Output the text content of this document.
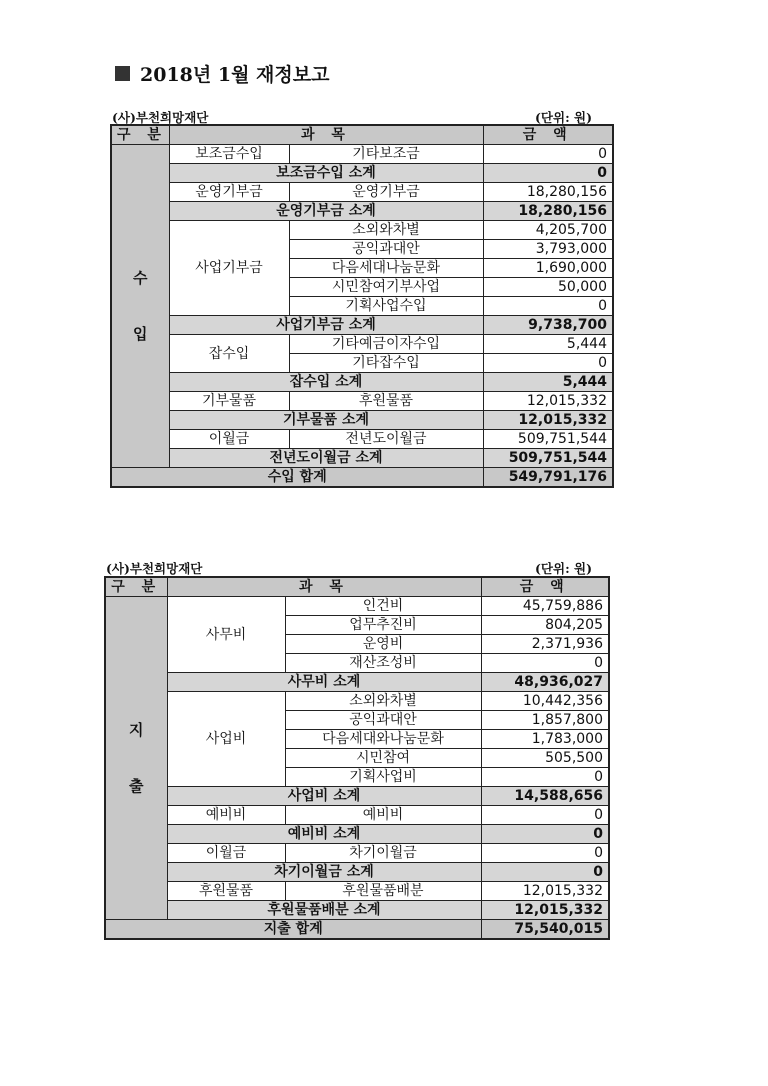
2018년 1월 재정보고
(사)부천희망재단	(단위: 원)
구 분	과 목		금 액

수
입	보조금수입	기타보조금	0
	보조금수입 소계		0
	운영기부금	운영기부금	18,280,156
	운영기부금 소계		18,280,156
	사업기부금	소외와차별	4,205,700
		공익과대안	3,793,000
		다음세대나눔문화	1,690,000
		시민참여기부사업	50,000
		기획사업수입	0
	사업기부금 소계		9,738,700
	잡수입	기타예금이자수입	5,444
		기타잡수입	0
	잡수입 소계		5,444
	기부물품	후원물품	12,015,332
	기부물품 소계		12,015,332
	이월금	전년도이월금	509,751,544
	전년도이월금 소계		509,751,544
수입 합계			549,791,176
(사)부천희망재단	(단위: 원)
구 분	과 목		금 액

지
출	사무비	인건비	45,759,886
		업무추진비	804,205
		운영비	2,371,936
		재산조성비	0
	사무비 소계		48,936,027
	사업비	소외와차별	10,442,356
		공익과대안	1,857,800
		다음세대와나눔문화	1,783,000
		시민참여	505,500
		기획사업비	0
	사업비 소계		14,588,656
	예비비	예비비	0
	예비비 소계		0
	이월금	차기이월금	0
	차기이월금 소계		0
	후원물품	후원물품배분	12,015,332
	후원물품배분 소계		12,015,332
지출 합계			75,540,015
